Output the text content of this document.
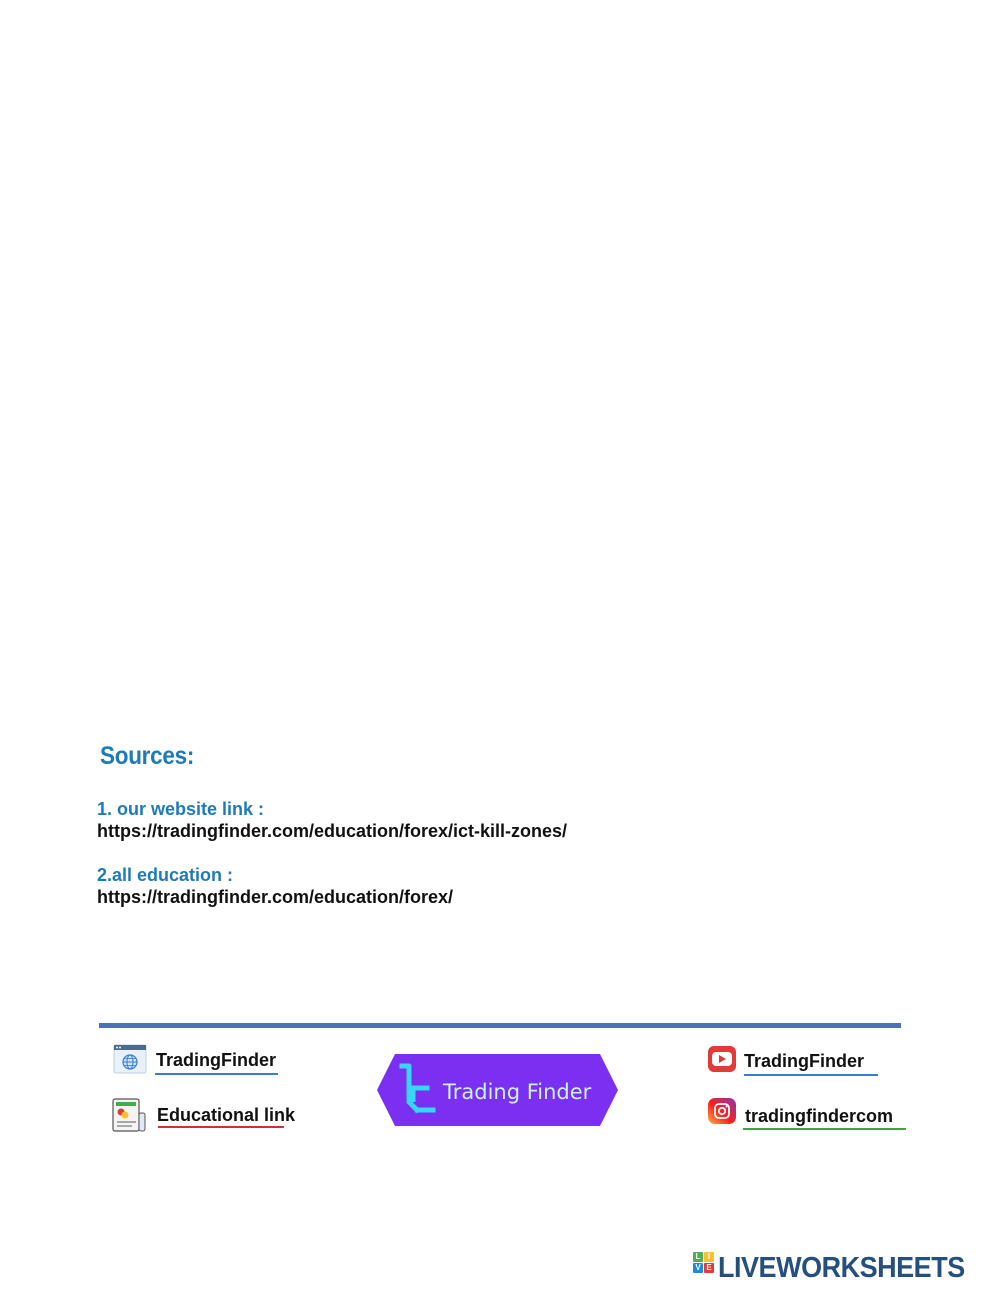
Sources:
1. our website link :
https://tradingfinder.com/education/forex/ict-kill-zones/
2.all education :
https://tradingfinder.com/education/forex/
TradingFinder
Educational link
Trading Finder
TradingFinder
tradingfindercom
L I
V E LIVEWORKSHEETS
